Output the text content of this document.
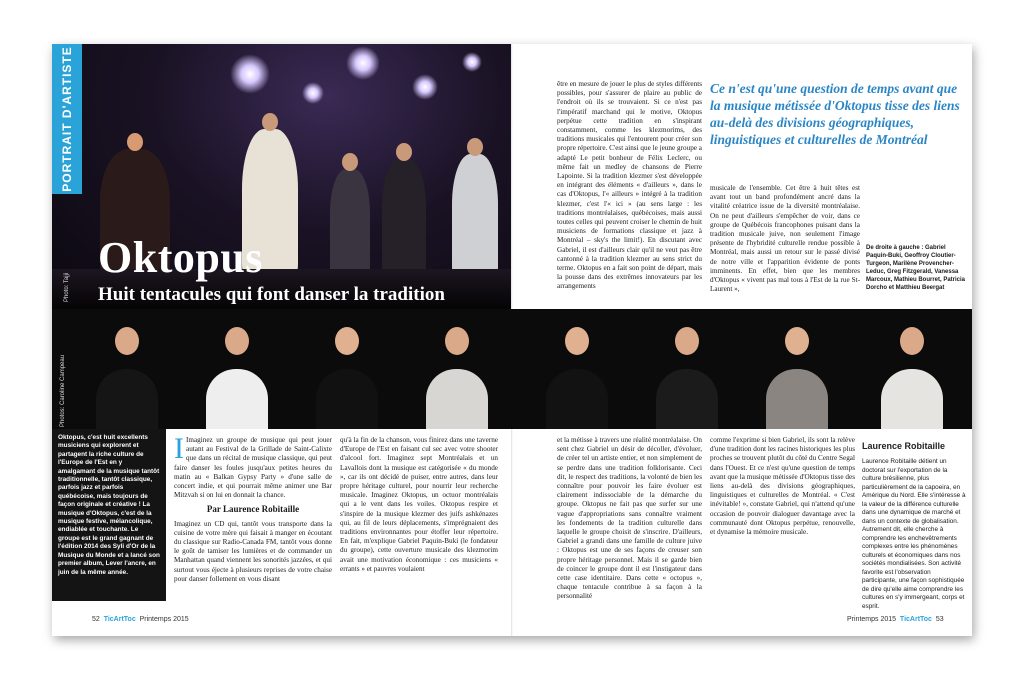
PORTRAIT D'ARTISTE
Photo: Tajji
Oktopus
Huit tentacules qui font danser la tradition
être en mesure de jouer le plus de styles différents possibles, pour s'assurer de plaire au public de l'endroit où ils se trouvaient. Si ce n'est pas l'impératif marchand qui le motive, Oktopus perpétue cette tradition en s'inspirant constamment, comme les klezmorims, des traditions musicales qui l'entourent pour créer son propre répertoire. C'est ainsi que le jeune groupe a adapté Le petit bonheur de Félix Leclerc, ou même fait un medley de chansons de Pierre Lapointe. Si la tradition klezmer s'est développée en intégrant des éléments « d'ailleurs », dans le cas d'Oktopus, l'« ailleurs » intégré à la tradition klezmer, c'est l'« ici » (au sens large : les traditions montréalaises, québécoises, mais aussi toutes celles qui peuvent croiser le chemin de huit musiciens de formations classique et jazz à Montréal – sky's the limit!). En discutant avec Gabriel, il est d'ailleurs clair qu'il ne veut pas être cantonné à la tradition klezmer au sens strict du terme. Oktopus en a fait son point de départ, mais la pousse dans des extrêmes innovateurs par les arrangements
Ce n'est qu'une question de temps avant que la musique métissée d'Oktopus tisse des liens au-delà des divisions géographiques, linguistiques et culturelles de Montréal
musicale de l'ensemble. Cet être à huit têtes est avant tout un band profondément ancré dans la vitalité créatrice issue de la diversité montréalaise. On ne peut d'ailleurs s'empêcher de voir, dans ce groupe de Québécois francophones puisant dans la tradition musicale juive, non seulement l'image présente de l'hybridité culturelle rendue possible à Montréal, mais aussi un retour sur le passé divisé de notre ville et l'apparition évidente de ponts imminents. En effet, bien que les membres d'Oktopus « vivent pas mal tous à l'Est de la rue St-Laurent »,
De droite à gauche : Gabriel Paquin-Buki, Geoffroy Cloutier-Turgeon, Marilène Provencher-Leduc, Greg Fitzgerald, Vanessa Marcoux, Mathieu Bourret, Patricia Dorcho et Matthieu Beergat
Photos: Caroline Campeau
Oktopus, c'est huit excellents musiciens qui explorent et partagent la riche culture de l'Europe de l'Est en y amalgamant de la musique tantôt traditionnelle, tantôt classique, parfois jazz et parfois québécoise, mais toujours de façon originale et créative ! La musique d'Oktopus, c'est de la musique festive, mélancolique, endiablée et touchante. Le groupe est le grand gagnant de l'édition 2014 des Syli d'Or de la Musique du Monde et a lancé son premier album, Lever l'ancre, en juin de la même année.
I Imaginez un groupe de musique qui peut jouer autant au Festival de la Grillade de Saint-Calixte que dans un récital de musique classique, qui peut faire danser les foules jusqu'aux petites heures du matin au « Balkan Gypsy Party » d'une salle de concert indie, et qui pourrait même animer une Bar Mitzvah si on lui en donnait la chance.
Par Laurence Robitaille
Imaginez un CD qui, tantôt vous transporte dans la cuisine de votre mère qui faisait à manger en écoutant du classique sur Radio-Canada FM, tantôt vous donne le goût de tamiser les lumières et de commander un Manhattan quand viennent les sonorités jazzées, et qui surtout vous éjecte à plusieurs reprises de votre chaise pour danser follement en vous disant
qu'à la fin de la chanson, vous finirez dans une taverne d'Europe de l'Est en faisant cul sec avec votre shooter d'alcool fort. Imaginez sept Montréalais et un Lavallois dont la musique est catégorisée « du monde », car ils ont décidé de puiser, entre autres, dans leur propre héritage culturel, pour nourrir leur recherche musicale. Imaginez Oktopus, un octuor montréalais qui a le vent dans les voiles. Oktopus respire et s'inspire de la musique klezmer des juifs ashkénazes qui, au fil de leurs déplacements, s'imprégnaient des traditions environnantes pour étoffer leur répertoire. En fait, m'explique Gabriel Paquin-Buki (le fondateur du groupe), cette ouverture musicale des klezmorim avait une motivation économique : ces musiciens « errants » et pauvres voulaient
et la métisse à travers une réalité montréalaise. On sent chez Gabriel un désir de décoller, d'évoluer, de créer tel un artiste entier, et non simplement de se perdre dans une tradition folklorisante. Ceci dit, le respect des traditions, la volonté de bien les connaître pour pouvoir les faire évoluer est clairement indissociable de la démarche du groupe. Oktopus ne fait pas que surfer sur une vague d'appropriations sans connaître vraiment les fondements de la tradition culturelle dans laquelle le groupe choisit de s'inscrire. D'ailleurs, Gabriel a grandi dans une famille de culture juive : Oktopus est une de ses façons de creuser son propre héritage personnel. Mais il se garde bien de coincer le groupe dont il est l'instigateur dans cette case identitaire. Dans cette « octopus », chaque tentacule contribue à sa façon à la personnalité
comme l'exprime si bien Gabriel, ils sont la relève d'une tradition dont les racines historiques les plus proches se trouvent plutôt du côté du Centre Segal dans l'Ouest. Et ce n'est qu'une question de temps avant que la musique métissée d'Oktopus tisse des liens au-delà des divisions géographiques, linguistiques et culturelles de Montréal. « C'est inévitable! », constate Gabriel, qui n'attend qu'une occasion de pouvoir dialoguer davantage avec la communauté dont Oktopus perpétue, renouvelle, et dynamise la mémoire musicale.
Laurence Robitaille
Laurence Robitaille détient un doctorat sur l'exportation de la culture brésilienne, plus particulièrement de la capoeira, en Amérique du Nord. Elle s'intéresse à la valeur de la différence culturelle dans une dynamique de marché et dans un contexte de globalisation. Autrement dit, elle cherche à comprendre les enchevêtrements complexes entre les phénomènes culturels et économiques dans nos sociétés mondialisées. Son activité favorite est l'observation participante, une façon sophistiquée de dire qu'elle aime comprendre les cultures en s'y immergeant, corps et esprit.
52 TicArtToc Printemps 2015	Printemps 2015 TicArtToc 53
